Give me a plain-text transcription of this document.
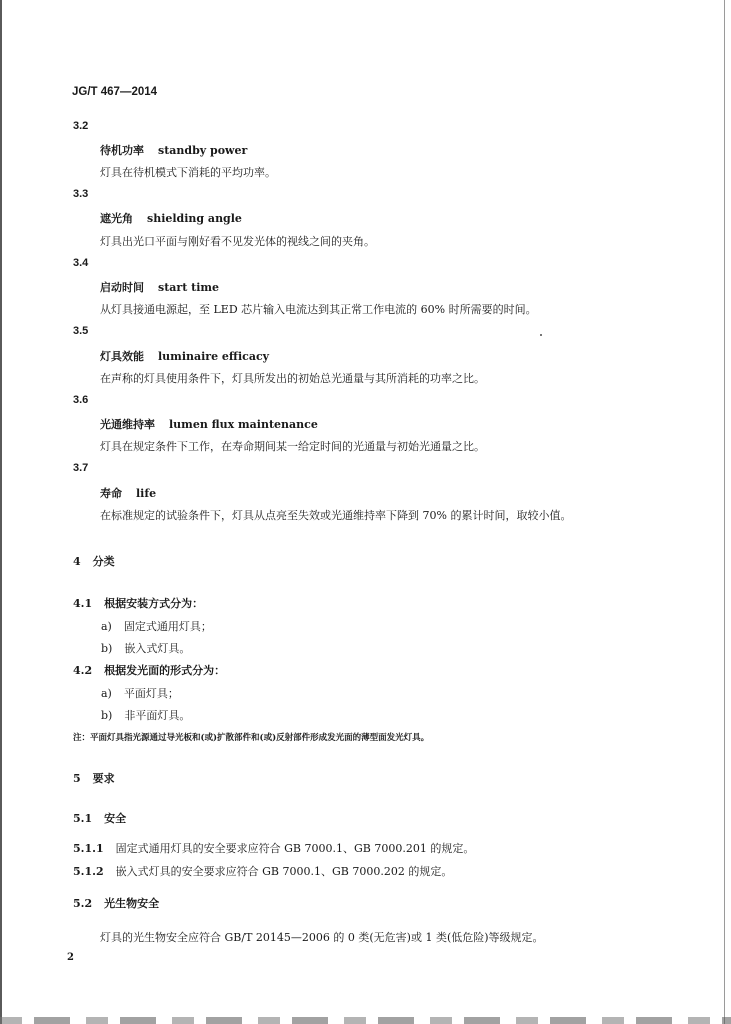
JG/T 467—2014
3.2
待机功率 standby power
灯具在待机模式下消耗的平均功率。
3.3
遮光角 shielding angle
灯具出光口平面与刚好看不见发光体的视线之间的夹角。
3.4
启动时间 start time
从灯具接通电源起，至 LED 芯片输入电流达到其正常工作电流的 60% 时所需要的时间。
3.5
灯具效能 luminaire efficacy
在声称的灯具使用条件下，灯具所发出的初始总光通量与其所消耗的功率之比。
3.6
光通维持率 lumen flux maintenance
灯具在规定条件下工作，在寿命期间某一给定时间的光通量与初始光通量之比。
3.7
寿命 life
在标准规定的试验条件下，灯具从点亮至失效或光通维持率下降到 70% 的累计时间，取较小值。
4 分类
4.1 根据安装方式分为：
a) 固定式通用灯具；
b) 嵌入式灯具。
4.2 根据发光面的形式分为：
a) 平面灯具；
b) 非平面灯具。
注：平面灯具指光源通过导光板和(或)扩散部件和(或)反射部件形成发光面的薄型面发光灯具。
5 要求
5.1 安全
5.1.1 固定式通用灯具的安全要求应符合 GB 7000.1、GB 7000.201 的规定。
5.1.2 嵌入式灯具的安全要求应符合 GB 7000.1、GB 7000.202 的规定。
5.2 光生物安全
灯具的光生物安全应符合 GB/T 20145—2006 的 0 类(无危害)或 1 类(低危险)等级规定。
2
